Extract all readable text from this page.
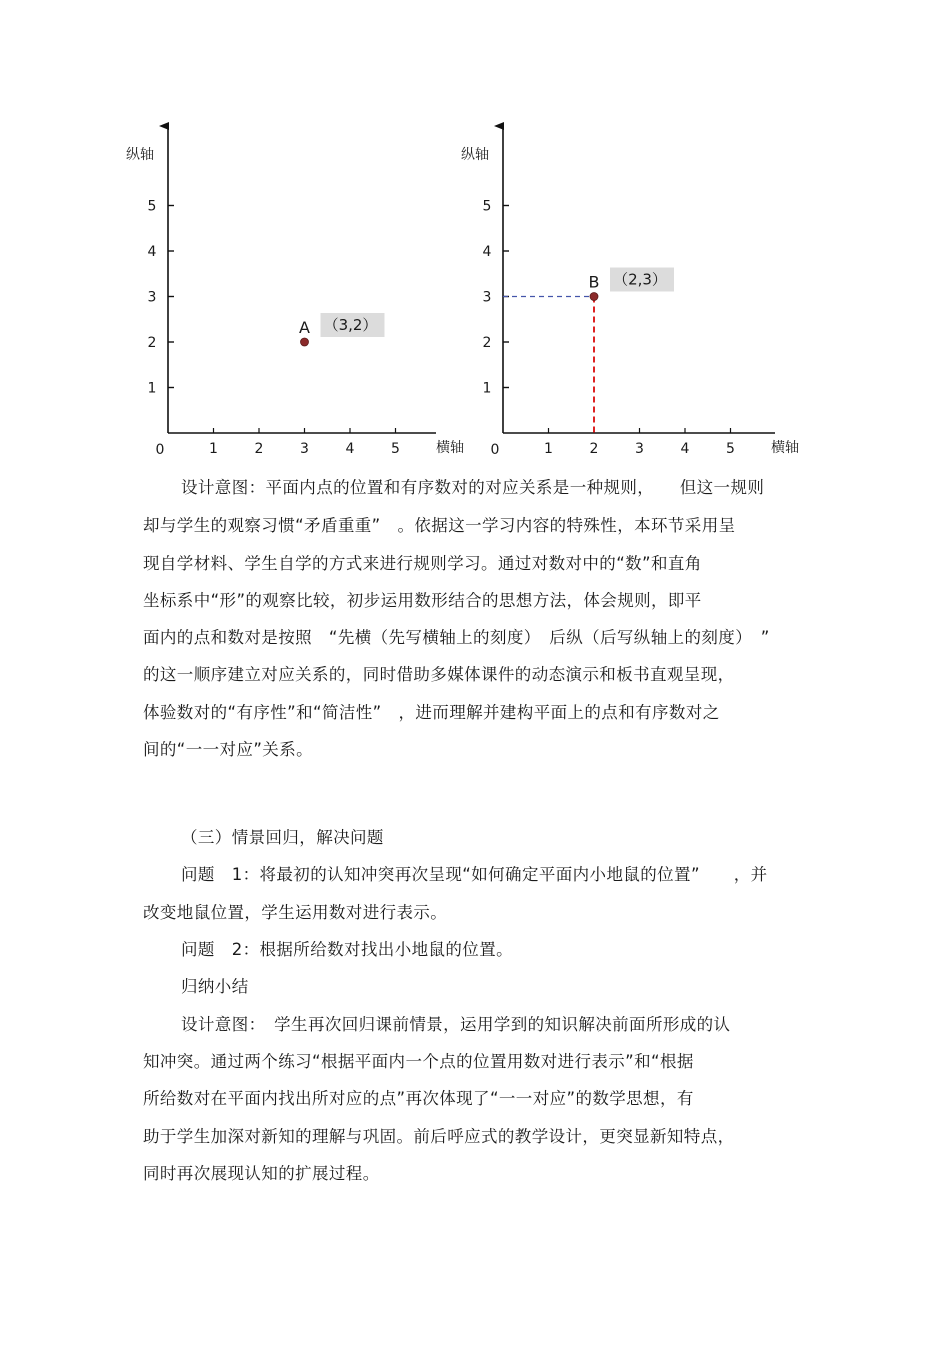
纵轴
横轴
0
1
2
3
4
5
1	2	3	4	5
A （3,2）
纵轴
横轴
0
1
2
3
4
5
1	2	3	4	5
B （2,3）
设计意图：平面内点的位置和有序数对的对应关系是一种规则，　　但这一规则
却与学生的观察习惯“矛盾重重”　。依据这一学习内容的特殊性，本环节采用呈
现自学材料、学生自学的方式来进行规则学习。通过对数对中的“数”和直角
坐标系中“形”的观察比较，初步运用数形结合的思想方法，体会规则，即平
面内的点和数对是按照　“先横（先写横轴上的刻度）　后纵（后写纵轴上的刻度）　”
的这一顺序建立对应关系的，同时借助多媒体课件的动态演示和板书直观呈现，
体验数对的“有序性”和“简洁性”　，进而理解并建构平面上的点和有序数对之
间的“一一对应”关系。
（三）情景回归，解决问题
问题　1：将最初的认知冲突再次呈现“如何确定平面内小地鼠的位置”　　，并
改变地鼠位置，学生运用数对进行表示。
问题　2：根据所给数对找出小地鼠的位置。
归纳小结
设计意图：　学生再次回归课前情景，运用学到的知识解决前面所形成的认
知冲突。通过两个练习“根据平面内一个点的位置用数对进行表示”和“根据
所给数对在平面内找出所对应的点”再次体现了“一一对应”的数学思想，有
助于学生加深对新知的理解与巩固。前后呼应式的教学设计，更突显新知特点，
同时再次展现认知的扩展过程。
